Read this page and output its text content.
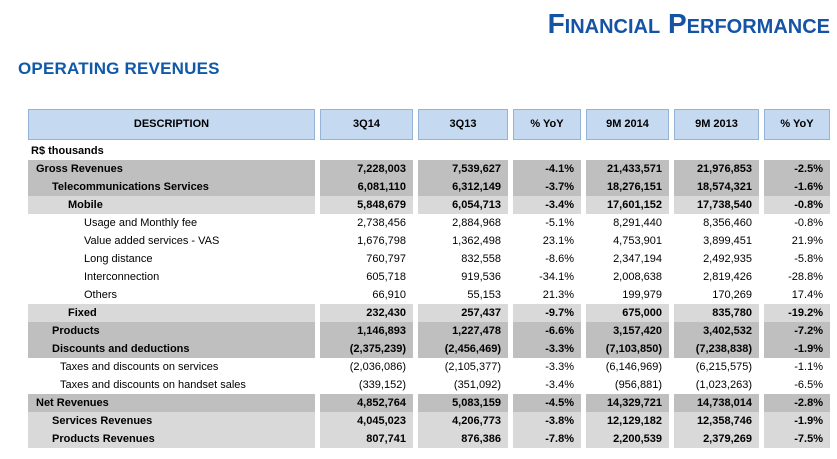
Financial Performance
OPERATING REVENUES
DESCRIPTION	3Q14	3Q13	% YoY	9M 2014	9M 2013	% YoY
R$ thousands
Gross Revenues	7,228,003	7,539,627	-4.1%	21,433,571	21,976,853	-2.5%
Telecommunications Services	6,081,110	6,312,149	-3.7%	18,276,151	18,574,321	-1.6%
Mobile	5,848,679	6,054,713	-3.4%	17,601,152	17,738,540	-0.8%
Usage and Monthly fee	2,738,456	2,884,968	-5.1%	8,291,440	8,356,460	-0.8%
Value added services - VAS	1,676,798	1,362,498	23.1%	4,753,901	3,899,451	21.9%
Long distance	760,797	832,558	-8.6%	2,347,194	2,492,935	-5.8%
Interconnection	605,718	919,536	-34.1%	2,008,638	2,819,426	-28.8%
Others	66,910	55,153	21.3%	199,979	170,269	17.4%
Fixed	232,430	257,437	-9.7%	675,000	835,780	-19.2%
Products	1,146,893	1,227,478	-6.6%	3,157,420	3,402,532	-7.2%
Discounts and deductions	(2,375,239)	(2,456,469)	-3.3%	(7,103,850)	(7,238,838)	-1.9%
Taxes and discounts on services	(2,036,086)	(2,105,377)	-3.3%	(6,146,969)	(6,215,575)	-1.1%
Taxes and discounts on handset sales	(339,152)	(351,092)	-3.4%	(956,881)	(1,023,263)	-6.5%
Net Revenues	4,852,764	5,083,159	-4.5%	14,329,721	14,738,014	-2.8%
Services Revenues	4,045,023	4,206,773	-3.8%	12,129,182	12,358,746	-1.9%
Products Revenues	807,741	876,386	-7.8%	2,200,539	2,379,269	-7.5%
